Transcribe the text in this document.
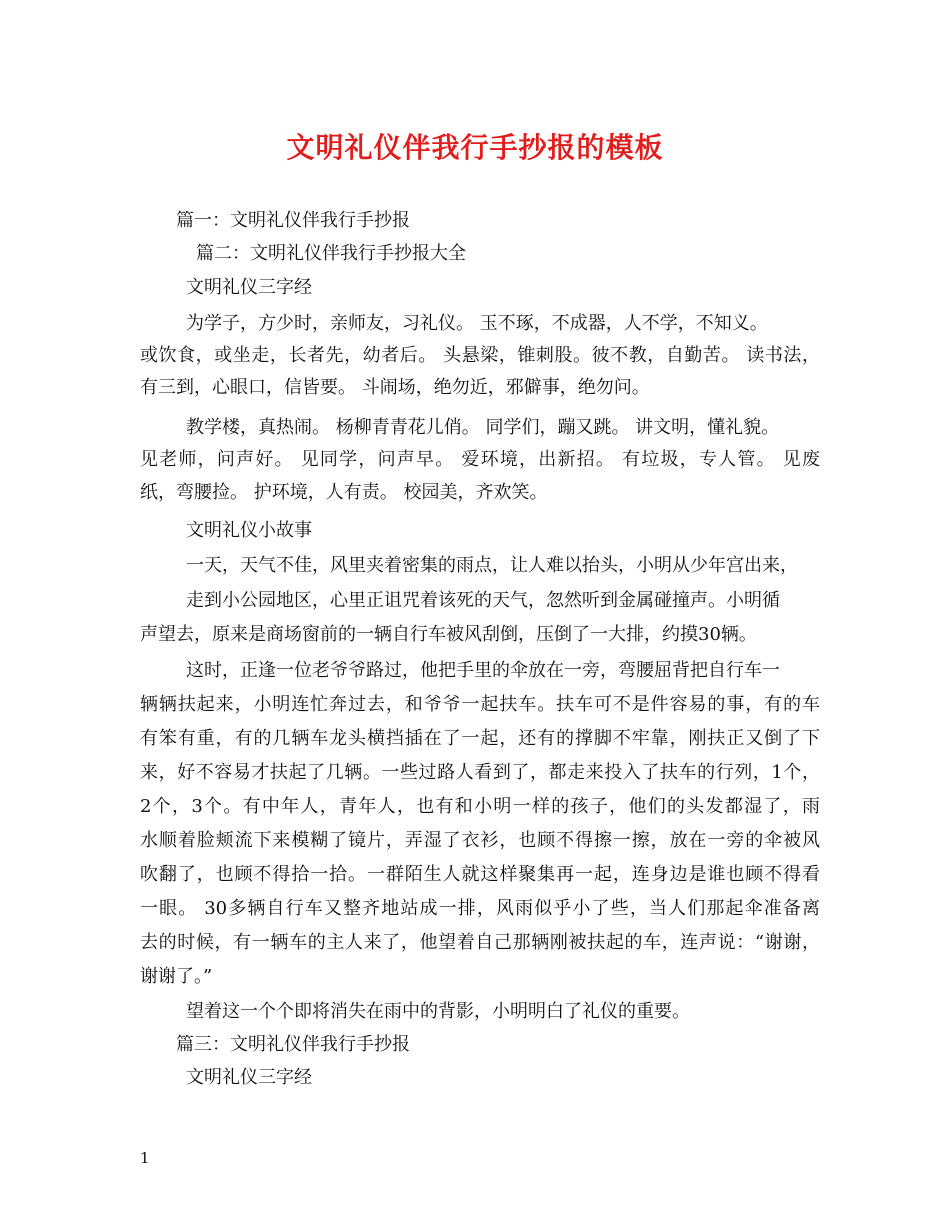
文明礼仪伴我行手抄报的模板

篇一：文明礼仪伴我行手抄报

篇二：文明礼仪伴我行手抄报大全

文明礼仪三字经

为学子，方少时，亲师友，习礼仪。 玉不琢，不成器，人不学，不知义。

或饮食，或坐走，长者先，幼者后。 头悬梁，锥刺股。彼不教，自勤苦。 读书法，

有三到，心眼口，信皆要。 斗闹场，绝勿近，邪僻事，绝勿问。

教学楼，真热闹。 杨柳青青花儿俏。 同学们，蹦又跳。 讲文明，懂礼貌。

见老师，问声好。 见同学，问声早。 爱环境，出新招。 有垃圾，专人管。 见废

纸，弯腰捡。 护环境，人有责。 校园美，齐欢笑。

文明礼仪小故事

一天，天气不佳，风里夹着密集的雨点，让人难以抬头，小明从少年宫出来，

走到小公园地区，心里正诅咒着该死的天气，忽然听到金属碰撞声。小明循

声望去，原来是商场窗前的一辆自行车被风刮倒，压倒了一大排，约摸30辆。

这时，正逢一位老爷爷路过，他把手里的伞放在一旁，弯腰屈背把自行车一

辆辆扶起来，小明连忙奔过去，和爷爷一起扶车。扶车可不是件容易的事，有的车

有笨有重，有的几辆车龙头横挡插在了一起，还有的撑脚不牢靠，刚扶正又倒了下

来，好不容易才扶起了几辆。一些过路人看到了，都走来投入了扶车的行列，1个，

2个，3个。有中年人，青年人，也有和小明一样的孩子，他们的头发都湿了，雨

水顺着脸颊流下来模糊了镜片，弄湿了衣衫，也顾不得擦一擦，放在一旁的伞被风

吹翻了，也顾不得拾一拾。一群陌生人就这样聚集再一起，连身边是谁也顾不得看

一眼。 30多辆自行车又整齐地站成一排，风雨似乎小了些，当人们那起伞准备离

去的时候，有一辆车的主人来了，他望着自己那辆刚被扶起的车，连声说：“谢谢，

谢谢了。”

望着这一个个即将消失在雨中的背影，小明明白了礼仪的重要。

篇三：文明礼仪伴我行手抄报

文明礼仪三字经

1
